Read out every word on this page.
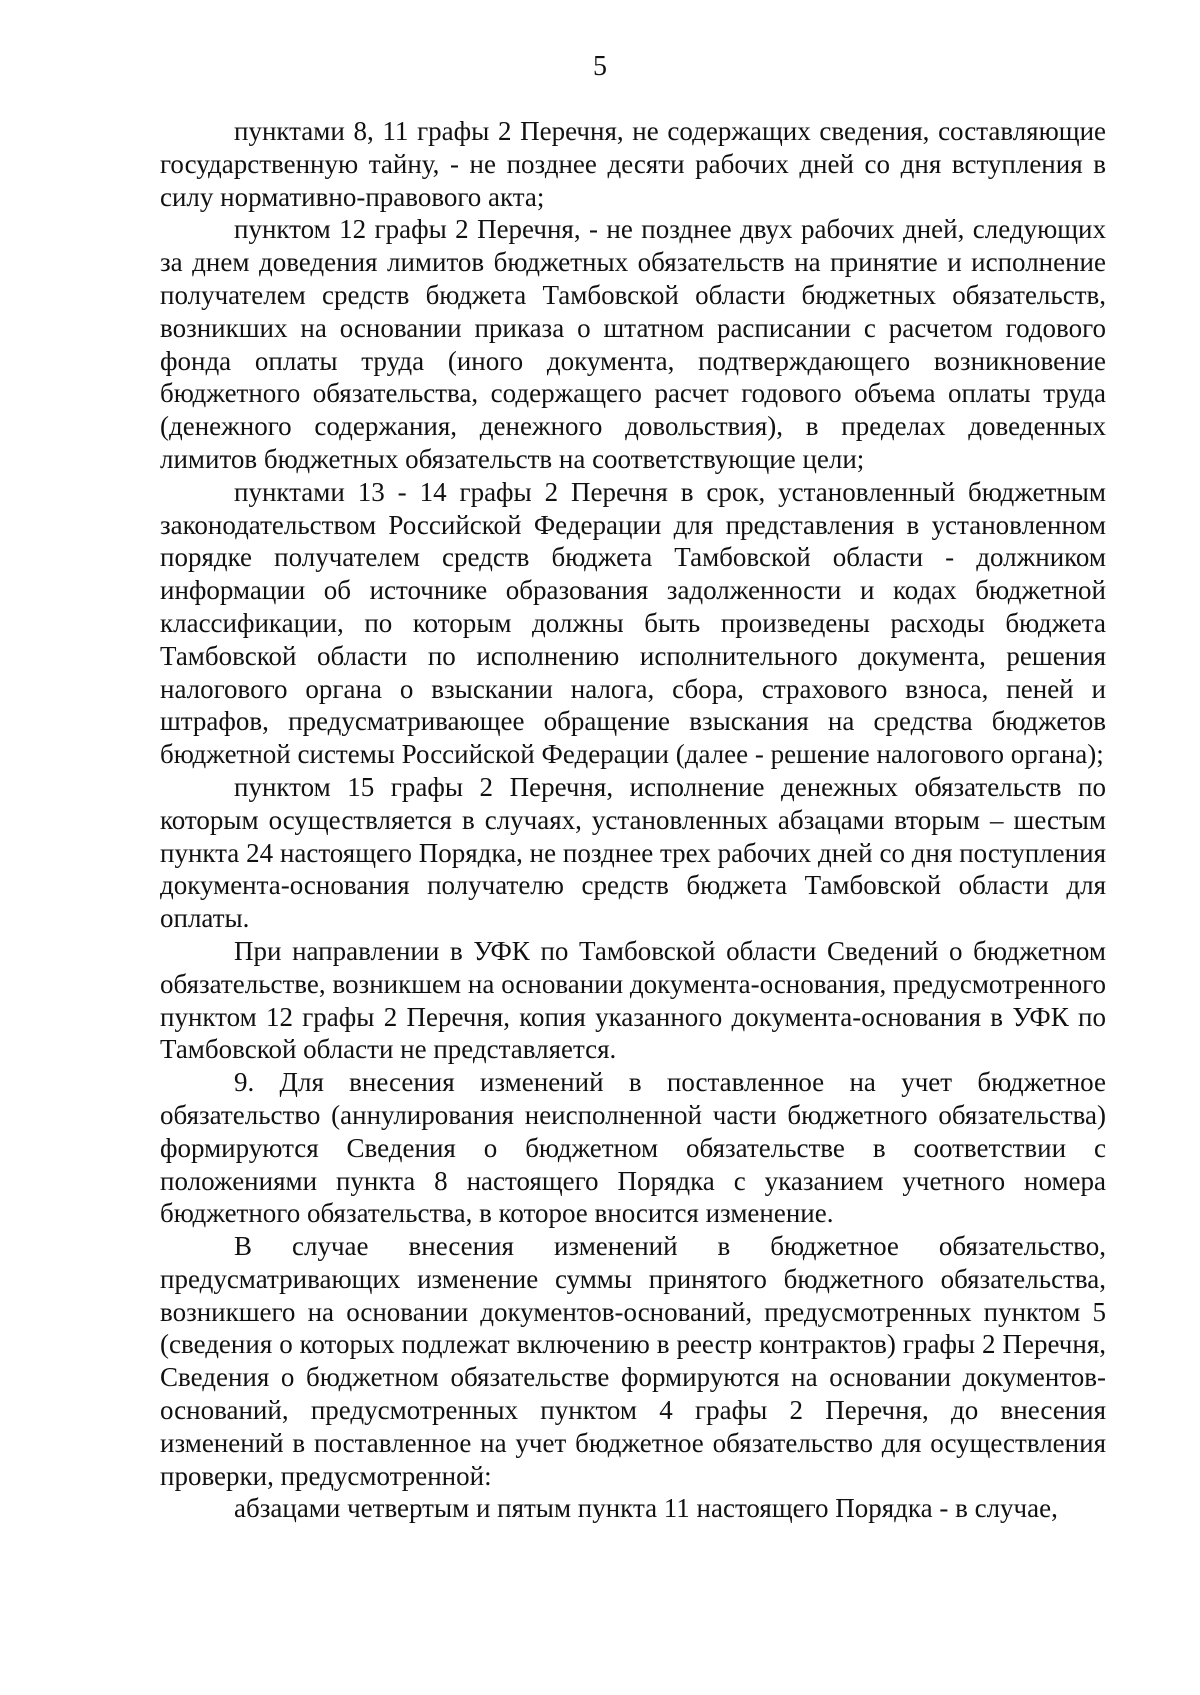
5

пунктами 8, 11 графы 2 Перечня, не содержащих сведения, составляющие государственную тайну, - не позднее десяти рабочих дней со дня вступления в силу нормативно-правового акта;

пунктом 12 графы 2 Перечня, - не позднее двух рабочих дней, следующих за днем доведения лимитов бюджетных обязательств на принятие и исполнение получателем средств бюджета Тамбовской области бюджетных обязательств, возникших на основании приказа о штатном расписании с расчетом годового фонда оплаты труда (иного документа, подтверждающего возникновение бюджетного обязательства, содержащего расчет годового объема оплаты труда (денежного содержания, денежного довольствия), в пределах доведенных лимитов бюджетных обязательств на соответствующие цели;

пунктами 13 - 14 графы 2 Перечня в срок, установленный бюджетным законодательством Российской Федерации для представления в установленном порядке получателем средств бюджета Тамбовской области - должником информации об источнике образования задолженности и кодах бюджетной классификации, по которым должны быть произведены расходы бюджета Тамбовской области по исполнению исполнительного документа, решения налогового органа о взыскании налога, сбора, страхового взноса, пеней и штрафов, предусматривающее обращение взыскания на средства бюджетов бюджетной системы Российской Федерации (далее - решение налогового органа);

пунктом 15 графы 2 Перечня, исполнение денежных обязательств по которым осуществляется в случаях, установленных абзацами вторым – шестым пункта 24 настоящего Порядка, не позднее трех рабочих дней со дня поступления документа-основания получателю средств бюджета Тамбовской области для оплаты.

При направлении в УФК по Тамбовской области Сведений о бюджетном обязательстве, возникшем на основании документа-основания, предусмотренного пунктом 12 графы 2 Перечня, копия указанного документа-основания в УФК по Тамбовской области не представляется.

9. Для внесения изменений в поставленное на учет бюджетное обязательство (аннулирования неисполненной части бюджетного обязательства) формируются Сведения о бюджетном обязательстве в соответствии с положениями пункта 8 настоящего Порядка с указанием учетного номера бюджетного обязательства, в которое вносится изменение.

В случае внесения изменений в бюджетное обязательство, предусматривающих изменение суммы принятого бюджетного обязательства, возникшего на основании документов-оснований, предусмотренных пунктом 5 (сведения о которых подлежат включению в реестр контрактов) графы 2 Перечня, Сведения о бюджетном обязательстве формируются на основании документов-оснований, предусмотренных пунктом 4 графы 2 Перечня, до внесения изменений в поставленное на учет бюджетное обязательство для осуществления проверки, предусмотренной:

абзацами четвертым и пятым пункта 11 настоящего Порядка - в случае,
